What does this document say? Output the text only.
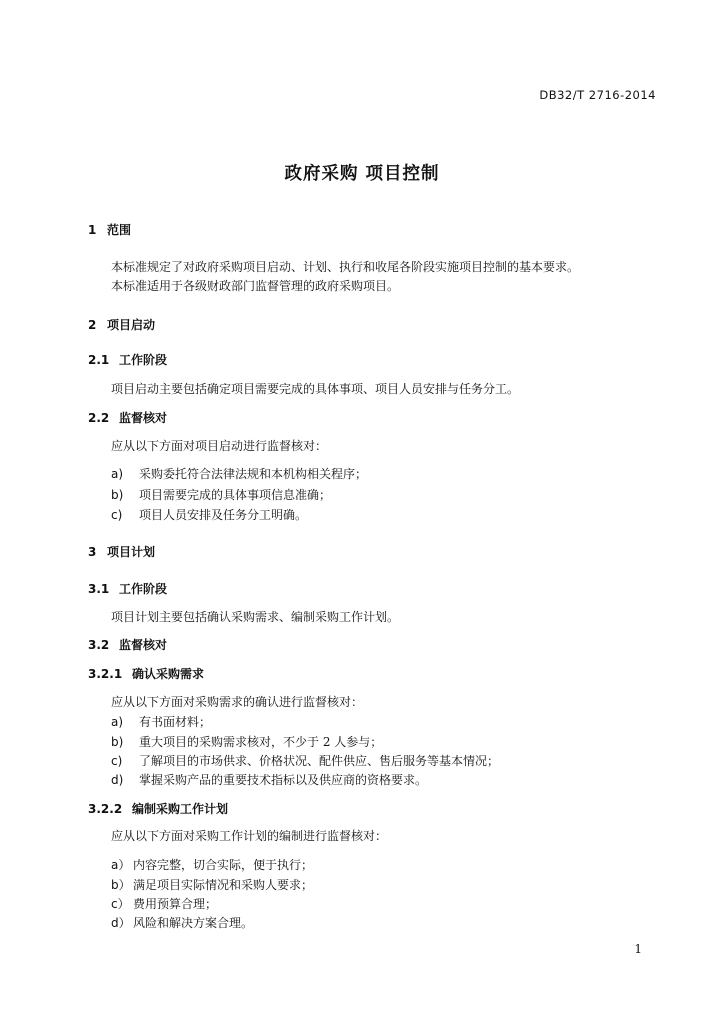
DB32/T 2716-2014
政府采购 项目控制
1 范围
本标准规定了对政府采购项目启动、计划、执行和收尾各阶段实施项目控制的基本要求。
本标准适用于各级财政部门监督管理的政府采购项目。
2 项目启动
2.1 工作阶段
项目启动主要包括确定项目需要完成的具体事项、项目人员安排与任务分工。
2.2 监督核对
应从以下方面对项目启动进行监督核对：
a) 采购委托符合法律法规和本机构相关程序；
b) 项目需要完成的具体事项信息准确；
c) 项目人员安排及任务分工明确。
3 项目计划
3.1 工作阶段
项目计划主要包括确认采购需求、编制采购工作计划。
3.2 监督核对
3.2.1 确认采购需求
应从以下方面对采购需求的确认进行监督核对：
a) 有书面材料；
b) 重大项目的采购需求核对，不少于 2 人参与；
c) 了解项目的市场供求、价格状况、配件供应、售后服务等基本情况；
d) 掌握采购产品的重要技术指标以及供应商的资格要求。
3.2.2 编制采购工作计划
应从以下方面对采购工作计划的编制进行监督核对：
a） 内容完整，切合实际，便于执行；
b） 满足项目实际情况和采购人要求；
c） 费用预算合理；
d） 风险和解决方案合理。
1
